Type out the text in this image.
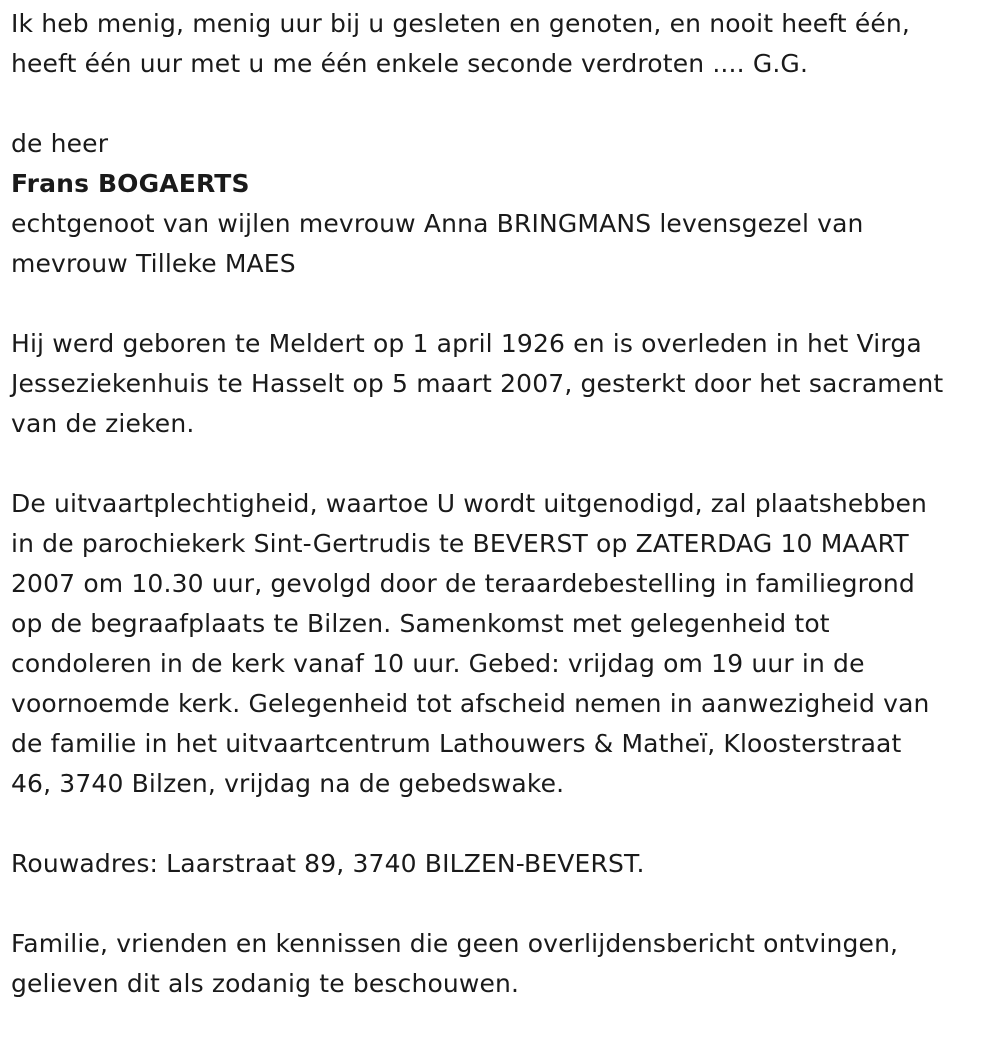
Ik heb menig, menig uur bij u gesleten en genoten, en nooit heeft één,
heeft één uur met u me één enkele seconde verdroten .... G.G.
de heer
Frans BOGAERTS
echtgenoot van wijlen mevrouw Anna BRINGMANS levensgezel van
mevrouw Tilleke MAES
Hij werd geboren te Meldert op 1 april 1926 en is overleden in het Virga
Jesseziekenhuis te Hasselt op 5 maart 2007, gesterkt door het sacrament
van de zieken.
De uitvaartplechtigheid, waartoe U wordt uitgenodigd, zal plaatshebben
in de parochiekerk Sint-Gertrudis te BEVERST op ZATERDAG 10 MAART
2007 om 10.30 uur, gevolgd door de teraardebestelling in familiegrond
op de begraafplaats te Bilzen. Samenkomst met gelegenheid tot
condoleren in de kerk vanaf 10 uur. Gebed: vrijdag om 19 uur in de
voornoemde kerk. Gelegenheid tot afscheid nemen in aanwezigheid van
de familie in het uitvaartcentrum Lathouwers & Matheï, Kloosterstraat
46, 3740 Bilzen, vrijdag na de gebedswake.
Rouwadres: Laarstraat 89, 3740 BILZEN-BEVERST.
Familie, vrienden en kennissen die geen overlijdensbericht ontvingen,
gelieven dit als zodanig te beschouwen.
